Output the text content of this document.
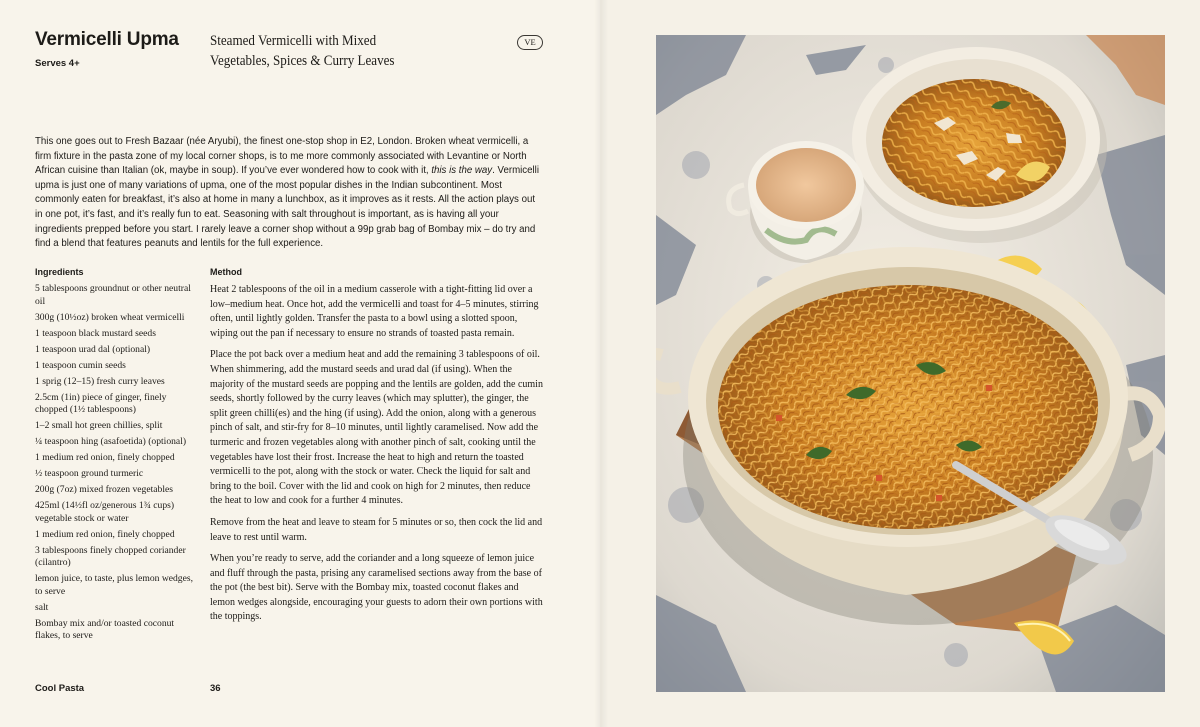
Vermicelli Upma
Serves 4+
Steamed Vermicelli with Mixed Vegetables, Spices & Curry Leaves
VE

This one goes out to Fresh Bazaar (née Aryubi), the finest one-stop shop in E2, London. Broken wheat vermicelli, a firm fixture in the pasta zone of my local corner shops, is to me more commonly associated with Levantine or North African cuisine than Italian (ok, maybe in soup). If you’ve ever wondered how to cook with it, this is the way. Vermicelli upma is just one of many variations of upma, one of the most popular dishes in the Indian subcontinent. Most commonly eaten for breakfast, it’s also at home in many a lunchbox, as it improves as it rests. All the action plays out in one pot, it’s fast, and it’s really fun to eat. Seasoning with salt throughout is important, as is having all your ingredients prepped before you start. I rarely leave a corner shop without a 99p grab bag of Bombay mix – do try and find a blend that features peanuts and lentils for the full experience.

Ingredients	Method
5 tablespoons groundnut or other neutral oil
300g (10½oz) broken wheat vermicelli
1 teaspoon black mustard seeds
1 teaspoon urad dal (optional)
1 teaspoon cumin seeds
1 sprig (12–15) fresh curry leaves
2.5cm (1in) piece of ginger, finely chopped (1½ tablespoons)
1–2 small hot green chillies, split
¼ teaspoon hing (asafoetida) (optional)
1 medium red onion, finely chopped
½ teaspoon ground turmeric
200g (7oz) mixed frozen vegetables
425ml (14½fl oz/generous 1¾ cups) vegetable stock or water
1 medium red onion, finely chopped
3 tablespoons finely chopped coriander (cilantro)
lemon juice, to taste, plus lemon wedges, to serve
salt
Bombay mix and/or toasted coconut flakes, to serve

Heat 2 tablespoons of the oil in a medium casserole with a tight-fitting lid over a low–medium heat. Once hot, add the vermicelli and toast for 4–5 minutes, stirring often, until lightly golden. Transfer the pasta to a bowl using a slotted spoon, wiping out the pan if necessary to ensure no strands of toasted pasta remain.

Place the pot back over a medium heat and add the remaining 3 tablespoons of oil. When shimmering, add the mustard seeds and urad dal (if using). When the majority of the mustard seeds are popping and the lentils are golden, add the cumin seeds, shortly followed by the curry leaves (which may splutter), the ginger, the split green chilli(es) and the hing (if using). Add the onion, along with a generous pinch of salt, and stir-fry for 8–10 minutes, until lightly caramelised. Now add the turmeric and frozen vegetables along with another pinch of salt, cooking until the vegetables have lost their frost. Increase the heat to high and return the toasted vermicelli to the pot, along with the stock or water. Check the liquid for salt and bring to the boil. Cover with the lid and cook on high for 2 minutes, then reduce the heat to low and cook for a further 4 minutes.

Remove from the heat and leave to steam for 5 minutes or so, then cock the lid and leave to rest until warm.

When you’re ready to serve, add the coriander and a long squeeze of lemon juice and fluff through the pasta, prising any caramelised sections away from the base of the pot (the best bit). Serve with the Bombay mix, toasted coconut flakes and lemon wedges alongside, encouraging your guests to adorn their own portions with the toppings.

Cool Pasta	36
